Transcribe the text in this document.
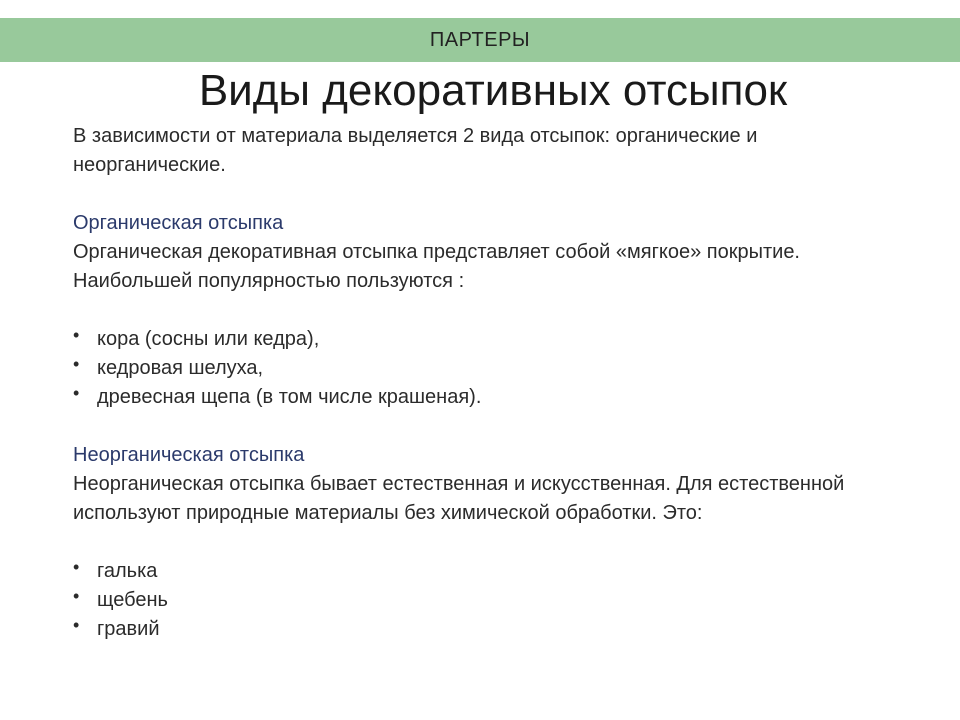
ПАРТЕРЫ
Виды декоративных отсыпок

В зависимости от материала выделяется 2 вида отсыпок: органические и неорганические.

Органическая отсыпка

Органическая декоративная отсыпка представляет собой «мягкое» покрытие. Наибольшей популярностью пользуются :

• кора (сосны или кедра),
• кедровая шелуха,
• древесная щепа (в том числе крашеная).

Неорганическая отсыпка

Неорганическая отсыпка бывает естественная и искусственная. Для естественной используют природные материалы без химической обработки. Это:

• галька
• щебень
• гравий
